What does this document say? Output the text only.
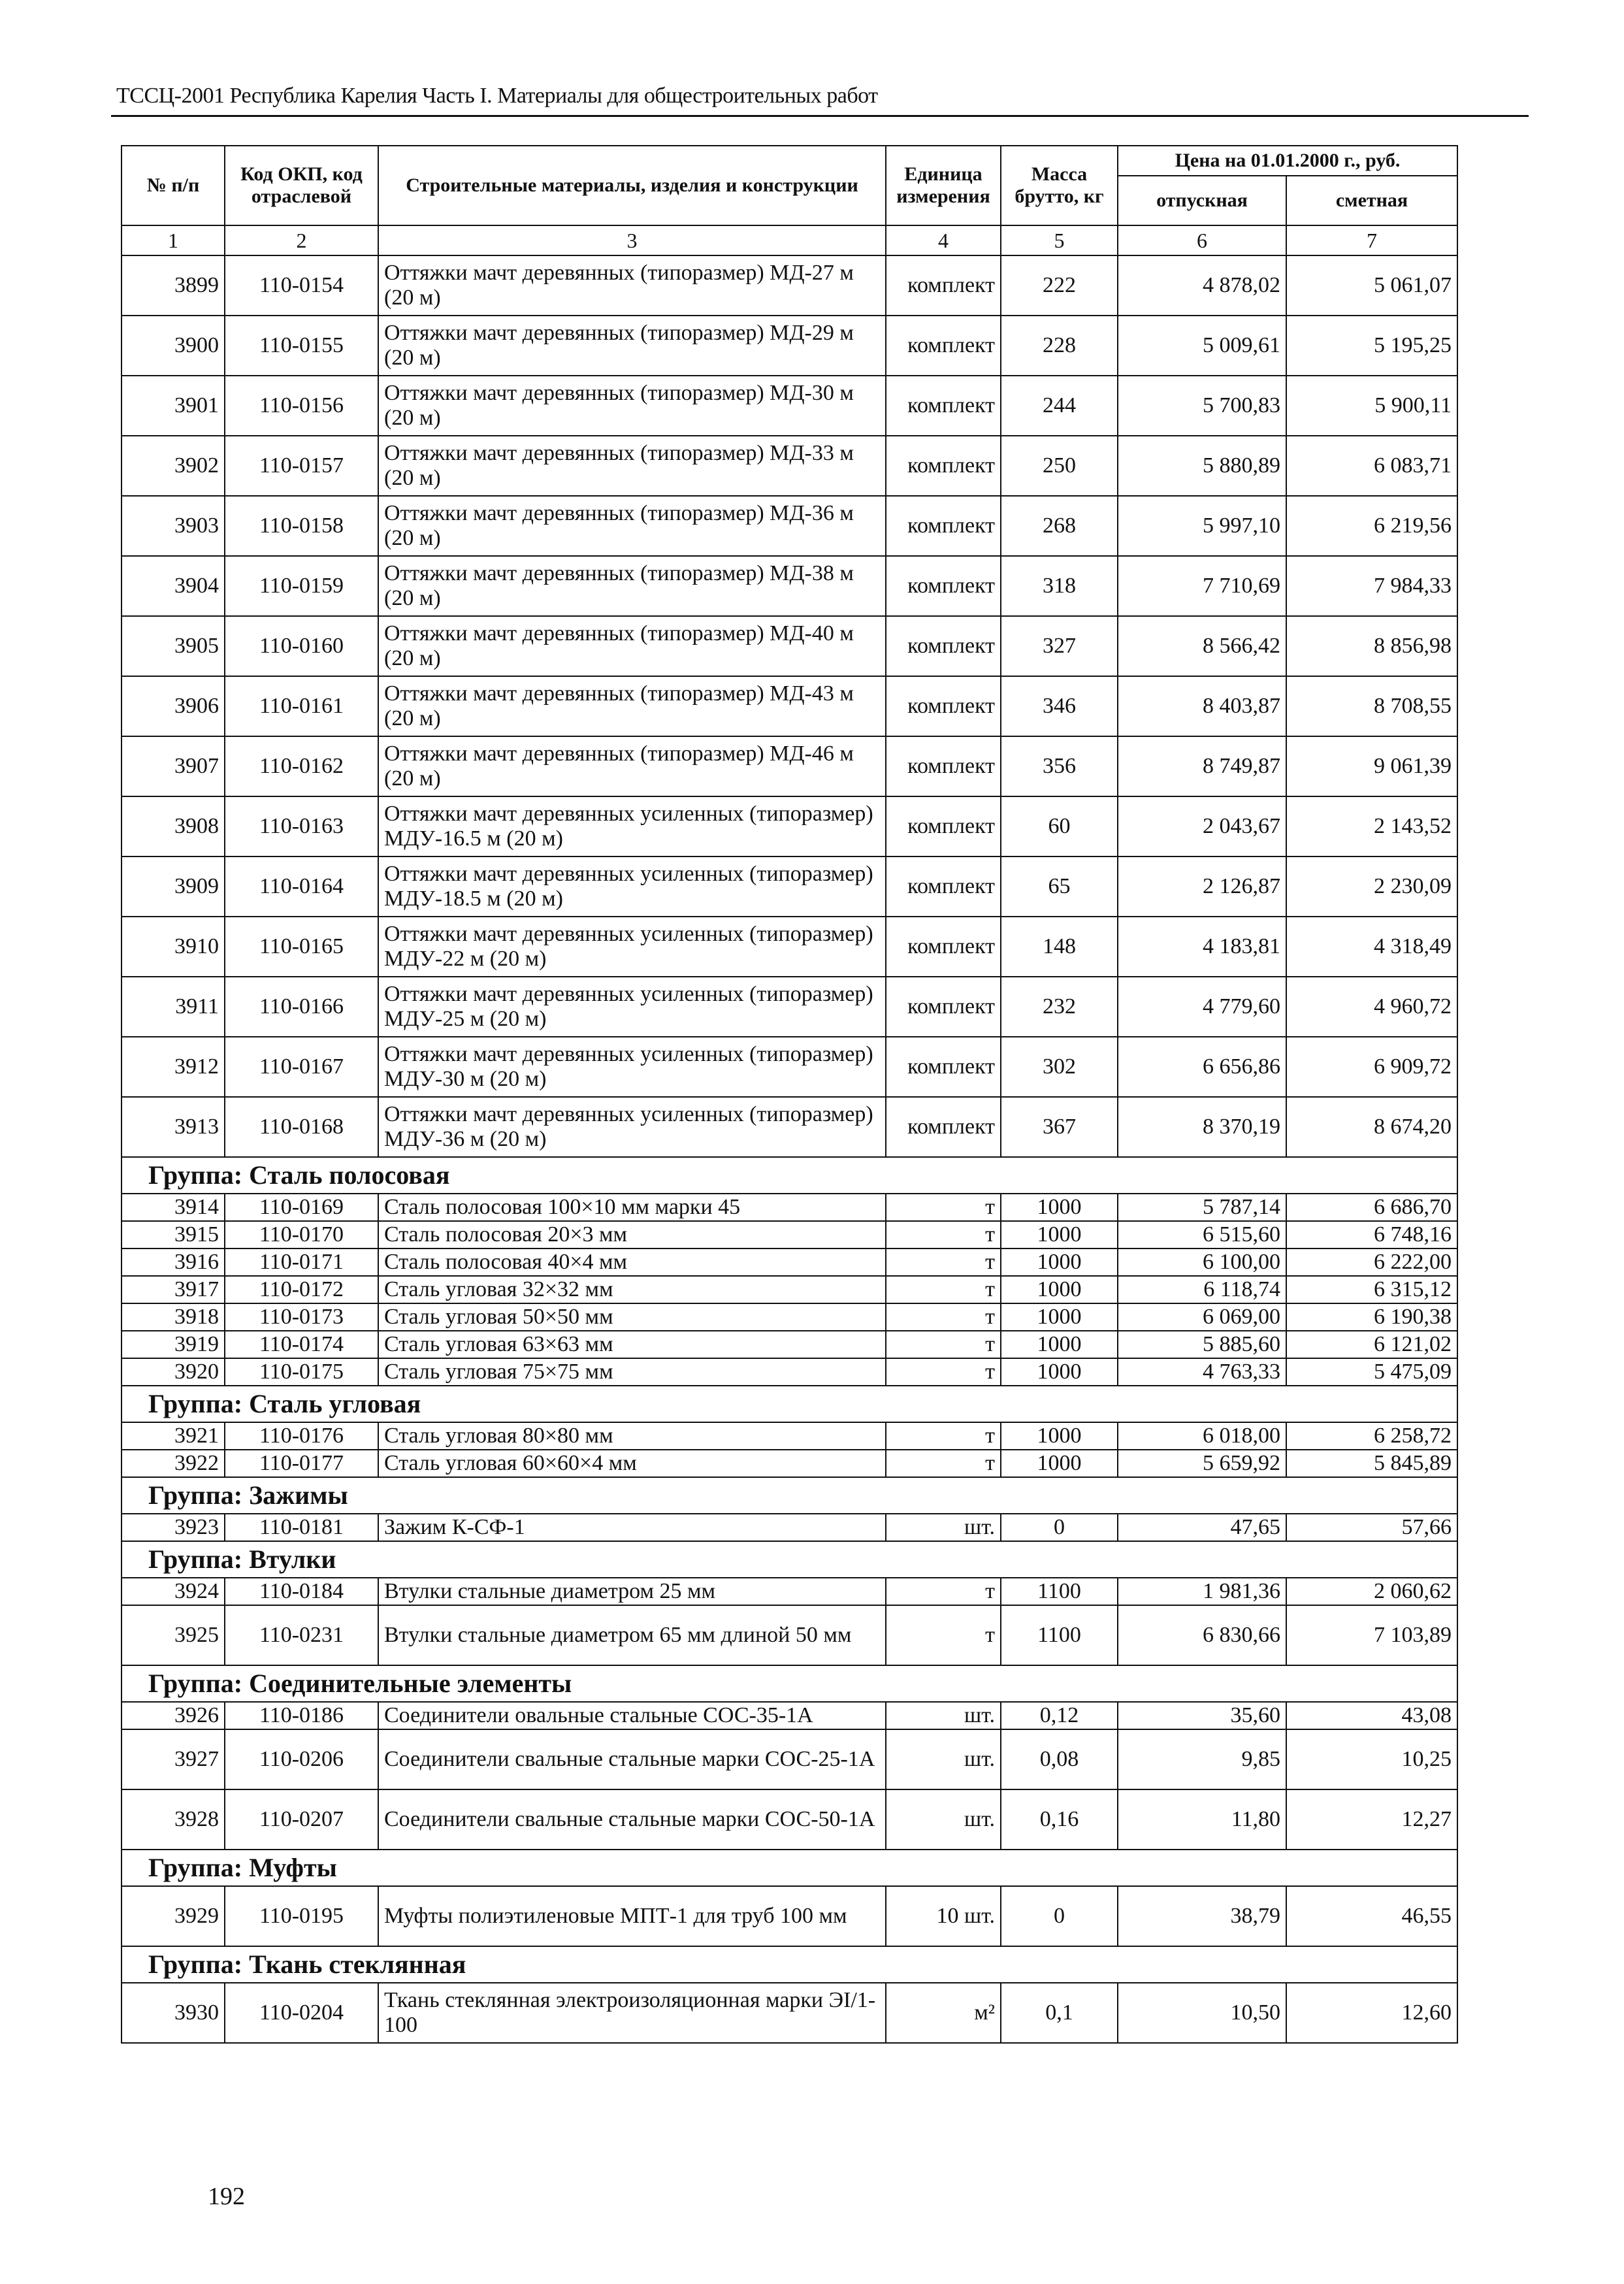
ТССЦ-2001 Республика Карелия Часть I. Материалы для общестроительных работ
№ п/п	Код ОКП, код отраслевой	Строительные материалы, изделия и конструкции	Единица измерения	Масса брутто, кг	Цена на 01.01.2000 г., руб.	
					отпускная	сметная
1	2	3	4	5	6	7
3899	110-0154	Оттяжки мачт деревянных (типоразмер) МД-27 м (20 м)	комплект	222	4 878,02	5 061,07
3900	110-0155	Оттяжки мачт деревянных (типоразмер) МД-29 м (20 м)	комплект	228	5 009,61	5 195,25
3901	110-0156	Оттяжки мачт деревянных (типоразмер) МД-30 м (20 м)	комплект	244	5 700,83	5 900,11
3902	110-0157	Оттяжки мачт деревянных (типоразмер) МД-33 м (20 м)	комплект	250	5 880,89	6 083,71
3903	110-0158	Оттяжки мачт деревянных (типоразмер) МД-36 м (20 м)	комплект	268	5 997,10	6 219,56
3904	110-0159	Оттяжки мачт деревянных (типоразмер) МД-38 м (20 м)	комплект	318	7 710,69	7 984,33
3905	110-0160	Оттяжки мачт деревянных (типоразмер) МД-40 м (20 м)	комплект	327	8 566,42	8 856,98
3906	110-0161	Оттяжки мачт деревянных (типоразмер) МД-43 м (20 м)	комплект	346	8 403,87	8 708,55
3907	110-0162	Оттяжки мачт деревянных (типоразмер) МД-46 м (20 м)	комплект	356	8 749,87	9 061,39
3908	110-0163	Оттяжки мачт деревянных усиленных (типоразмер) МДУ-16.5 м (20 м)	комплект	60	2 043,67	2 143,52
3909	110-0164	Оттяжки мачт деревянных усиленных (типоразмер) МДУ-18.5 м (20 м)	комплект	65	2 126,87	2 230,09
3910	110-0165	Оттяжки мачт деревянных усиленных (типоразмер) МДУ-22 м (20 м)	комплект	148	4 183,81	4 318,49
3911	110-0166	Оттяжки мачт деревянных усиленных (типоразмер) МДУ-25 м (20 м)	комплект	232	4 779,60	4 960,72
3912	110-0167	Оттяжки мачт деревянных усиленных (типоразмер) МДУ-30 м (20 м)	комплект	302	6 656,86	6 909,72
3913	110-0168	Оттяжки мачт деревянных усиленных (типоразмер) МДУ-36 м (20 м)	комплект	367	8 370,19	8 674,20
Группа: Сталь полосовая						
3914	110-0169	Сталь полосовая 100×10 мм марки 45	т	1000	5 787,14	6 686,70
3915	110-0170	Сталь полосовая 20×3 мм	т	1000	6 515,60	6 748,16
3916	110-0171	Сталь полосовая 40×4 мм	т	1000	6 100,00	6 222,00
3917	110-0172	Сталь угловая 32×32 мм	т	1000	6 118,74	6 315,12
3918	110-0173	Сталь угловая 50×50 мм	т	1000	6 069,00	6 190,38
3919	110-0174	Сталь угловая 63×63 мм	т	1000	5 885,60	6 121,02
3920	110-0175	Сталь угловая 75×75 мм	т	1000	4 763,33	5 475,09
Группа: Сталь угловая						
3921	110-0176	Сталь угловая 80×80 мм	т	1000	6 018,00	6 258,72
3922	110-0177	Сталь угловая 60×60×4 мм	т	1000	5 659,92	5 845,89
Группа: Зажимы						
3923	110-0181	Зажим К-СФ-1	шт.	0	47,65	57,66
Группа: Втулки						
3924	110-0184	Втулки стальные диаметром 25 мм	т	1100	1 981,36	2 060,62
3925	110-0231	Втулки стальные диаметром 65 мм длиной 50 мм	т	1100	6 830,66	7 103,89
Группа: Соединительные элементы						
3926	110-0186	Соединители овальные стальные СОС-35-1А	шт.	0,12	35,60	43,08
3927	110-0206	Соединители свальные стальные марки СОС-25-1А	шт.	0,08	9,85	10,25
3928	110-0207	Соединители свальные стальные марки СОС-50-1А	шт.	0,16	11,80	12,27
Группа: Муфты						
3929	110-0195	Муфты полиэтиленовые МПТ-1 для труб 100 мм	10 шт.	0	38,79	46,55
Группа: Ткань стеклянная						
3930	110-0204	Ткань стеклянная электроизоляционная марки ЭI/1-100	м²	0,1	10,50	12,60
192
